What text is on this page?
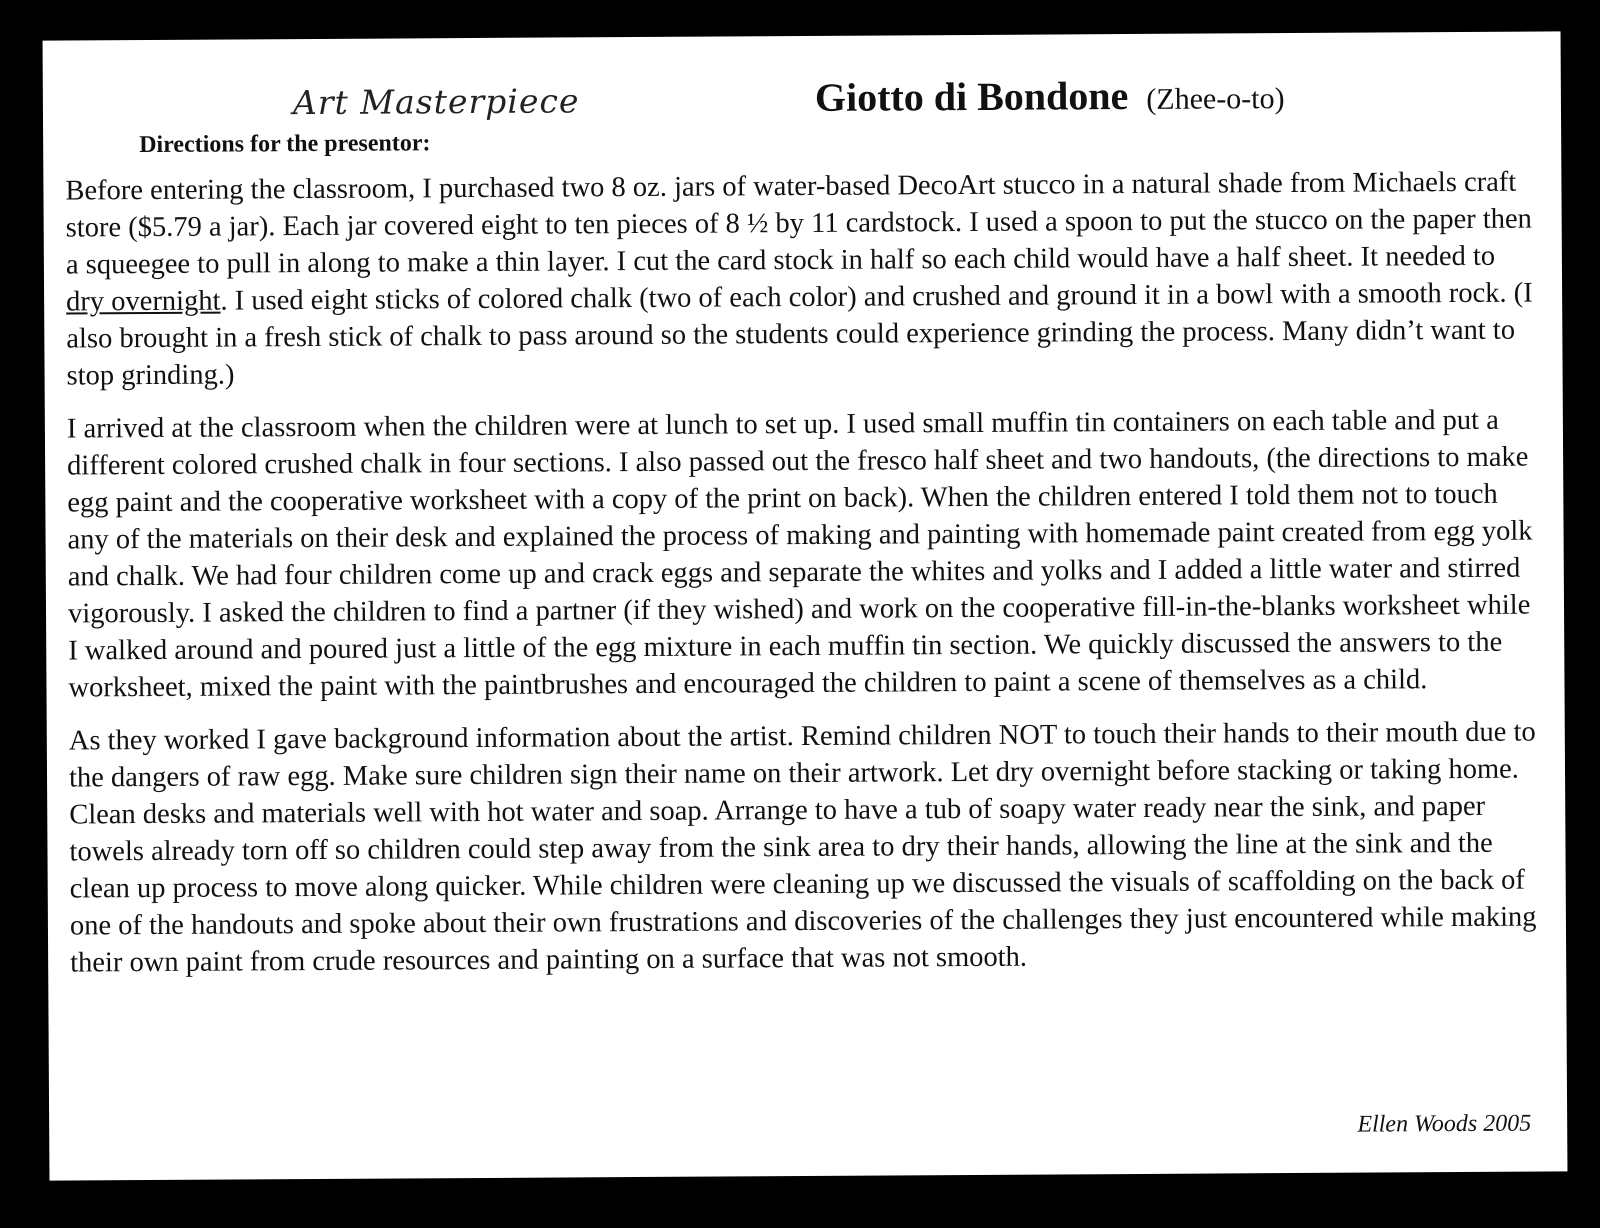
Art Masterpiece
Directions for the presentor:
Giotto di Bondone (Zhee-o-to)

Before entering the classroom, I purchased two 8 oz. jars of water-based DecoArt stucco in a natural shade from Michaels craft store ($5.79 a jar). Each jar covered eight to ten pieces of 8 ½ by 11 cardstock. I used a spoon to put the stucco on the paper then a squeegee to pull in along to make a thin layer. I cut the card stock in half so each child would have a half sheet. It needed to dry overnight. I used eight sticks of colored chalk (two of each color) and crushed and ground it in a bowl with a smooth rock. (I also brought in a fresh stick of chalk to pass around so the students could experience grinding the process. Many didn’t want to stop grinding.)

I arrived at the classroom when the children were at lunch to set up. I used small muffin tin containers on each table and put a different colored crushed chalk in four sections. I also passed out the fresco half sheet and two handouts, (the directions to make egg paint and the cooperative worksheet with a copy of the print on back). When the children entered I told them not to touch any of the materials on their desk and explained the process of making and painting with homemade paint created from egg yolk and chalk. We had four children come up and crack eggs and separate the whites and yolks and I added a little water and stirred vigorously. I asked the children to find a partner (if they wished) and work on the cooperative fill-in-the-blanks worksheet while I walked around and poured just a little of the egg mixture in each muffin tin section. We quickly discussed the answers to the worksheet, mixed the paint with the paintbrushes and encouraged the children to paint a scene of themselves as a child.

As they worked I gave background information about the artist. Remind children NOT to touch their hands to their mouth due to the dangers of raw egg. Make sure children sign their name on their artwork. Let dry overnight before stacking or taking home. Clean desks and materials well with hot water and soap. Arrange to have a tub of soapy water ready near the sink, and paper towels already torn off so children could step away from the sink area to dry their hands, allowing the line at the sink and the clean up process to move along quicker. While children were cleaning up we discussed the visuals of scaffolding on the back of one of the handouts and spoke about their own frustrations and discoveries of the challenges they just encountered while making their own paint from crude resources and painting on a surface that was not smooth.

Ellen Woods 2005
